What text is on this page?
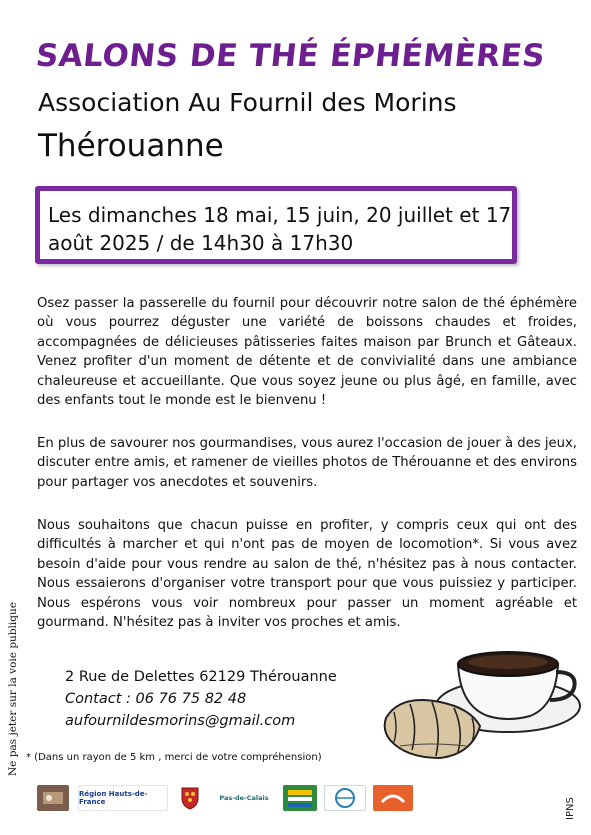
SALONS DE THÉ ÉPHÉMÈRES
Association Au Fournil des Morins
Thérouanne
Les dimanches 18 mai, 15 juin, 20 juillet et 17
août 2025 / de 14h30 à 17h30
Osez passer la passerelle du fournil pour découvrir notre salon de thé éphémère où vous pourrez déguster une variété de boissons chaudes et froides, accompagnées de délicieuses pâtisseries faites maison par Brunch et Gâteaux. Venez profiter d'un moment de détente et de convivialité dans une ambiance chaleureuse et accueillante. Que vous soyez jeune ou plus âgé, en famille, avec des enfants tout le monde est le bienvenu !
En plus de savourer nos gourmandises, vous aurez l'occasion de jouer à des jeux, discuter entre amis, et ramener de vieilles photos de Thérouanne et des environs pour partager vos anecdotes et souvenirs.
Nous souhaitons que chacun puisse en profiter, y compris ceux qui ont des difficultés à marcher et qui n'ont pas de moyen de locomotion*. Si vous avez besoin d'aide pour vous rendre au salon de thé, n'hésitez pas à nous contacter. Nous essaierons d'organiser votre transport pour que vous puissiez y participer. Nous espérons vous voir nombreux pour passer un moment agréable et gourmand. N'hésitez pas à inviter vos proches et amis.
2 Rue de Delettes 62129 Thérouanne
Contact : 06 76 75 82 48
aufournildesmorins@gmail.com
* (Dans un rayon de 5 km , merci de votre compréhension)
Ne pas jeter sur la voie publique
IPNS
Région Hauts-de-France	Pas-de-Calais
